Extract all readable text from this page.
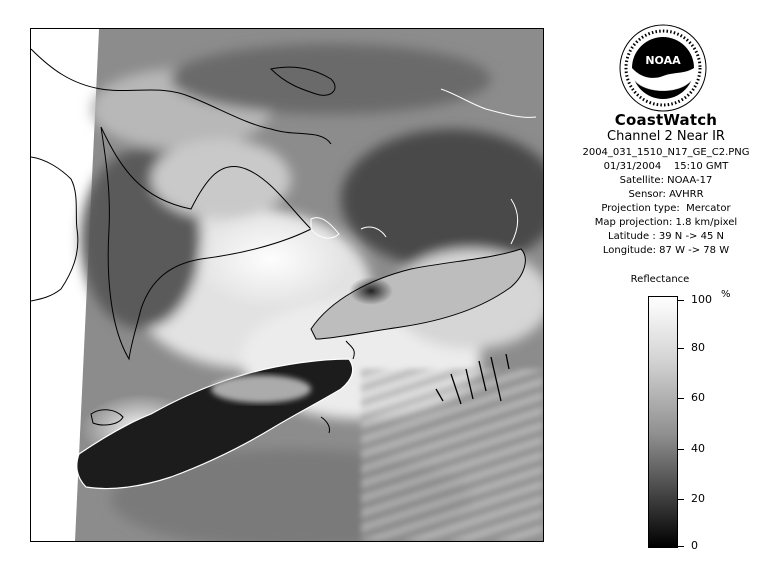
NOAA
CoastWatch
Channel 2 Near IR
2004_031_1510_N17_GE_C2.PNG
01/31/2004    15:10 GMT
Satellite: NOAA-17
Sensor: AVHRR
Projection type:  Mercator
Map projection: 1.8 km/pixel
Latitude : 39 N -> 45 N
Longitude: 87 W -> 78 W
Reflectance
%
100
80
60
40
20
0
